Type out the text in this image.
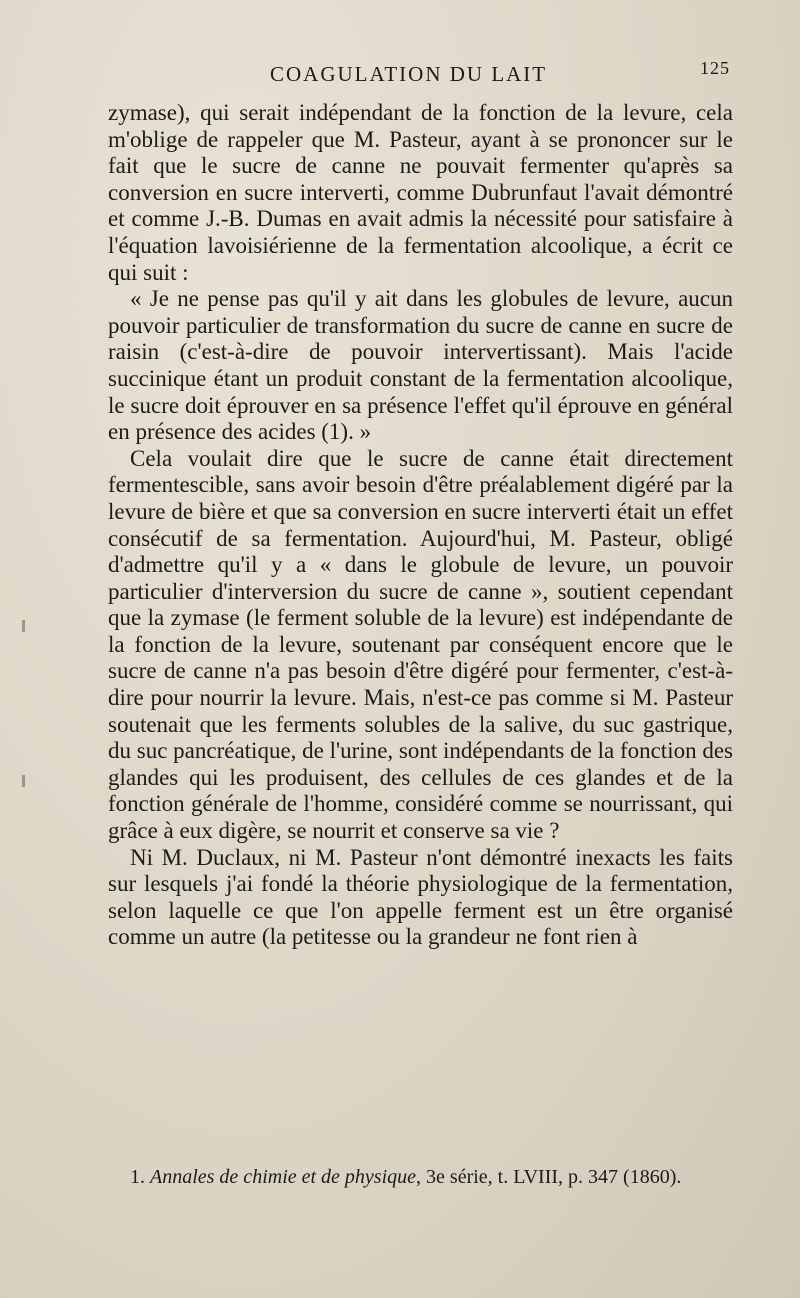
COAGULATION DU LAIT	125

zymase), qui serait indépendant de la fonction de la levure, cela m'oblige de rappeler que M. Pasteur, ayant à se prononcer sur le fait que le sucre de canne ne pouvait fermenter qu'après sa conversion en sucre interverti, comme Dubrunfaut l'avait démontré et comme J.-B. Dumas en avait admis la nécessité pour satisfaire à l'équation lavoisiérienne de la fermentation alcoolique, a écrit ce qui suit :

« Je ne pense pas qu'il y ait dans les globules de levure, aucun pouvoir particulier de transformation du sucre de canne en sucre de raisin (c'est-à-dire de pouvoir intervertissant). Mais l'acide succinique étant un produit constant de la fermentation alcoolique, le sucre doit éprouver en sa présence l'effet qu'il éprouve en général en présence des acides (1). »

Cela voulait dire que le sucre de canne était directement fermentescible, sans avoir besoin d'être préalablement digéré par la levure de bière et que sa conversion en sucre interverti était un effet consécutif de sa fermentation. Aujourd'hui, M. Pasteur, obligé d'admettre qu'il y a « dans le globule de levure, un pouvoir particulier d'interversion du sucre de canne », soutient cependant que la zymase (le ferment soluble de la levure) est indépendante de la fonction de la levure, soutenant par conséquent encore que le sucre de canne n'a pas besoin d'être digéré pour fermenter, c'est-à-dire pour nourrir la levure. Mais, n'est-ce pas comme si M. Pasteur soutenait que les ferments solubles de la salive, du suc gastrique, du suc pancréatique, de l'urine, sont indépendants de la fonction des glandes qui les produisent, des cellules de ces glandes et de la fonction générale de l'homme, considéré comme se nourrissant, qui grâce à eux digère, se nourrit et conserve sa vie ?

Ni M. Duclaux, ni M. Pasteur n'ont démontré inexacts les faits sur lesquels j'ai fondé la théorie physiologique de la fermentation, selon laquelle ce que l'on appelle ferment est un être organisé comme un autre (la petitesse ou la grandeur ne font rien à

1. Annales de chimie et de physique, 3e série, t. LVIII, p. 347 (1860).
